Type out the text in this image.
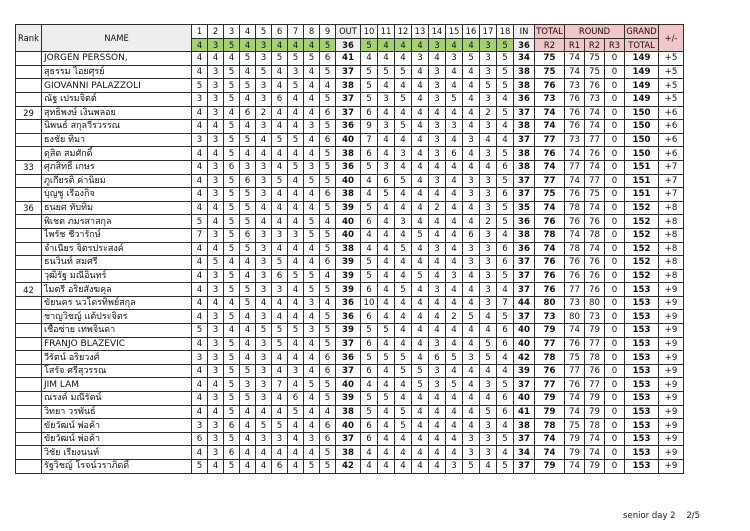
Rank	NAME	1	2	3	4	5	6	7	8	9	OUT	10	11	12	13	14	15	16	17	18	IN	TOTAL	ROUND			GRAND	+/-
		4	3	5	4	3	4	4	4	5	36	5	4	4	4	3	4	4	3	5	36	R2	R1	R2	R3	TOTAL	
	JORGEN PERSSON,	4	4	4	5	3	5	5	5	6	41	4	4	4	3	4	3	5	3	5	34	75	74	75	0	149	+5
	สุธรรม ไอยศุรย์	4	3	5	4	5	4	3	4	5	37	5	5	5	4	3	4	4	3	5	38	75	74	75	0	149	+5
	GIOVANNI PALAZZOLI	5	3	5	5	3	4	5	4	4	38	5	4	4	4	3	4	4	5	5	38	76	73	76	0	149	+5
	ณัฐ เปรมจิตต์	3	3	5	4	3	6	4	4	5	37	5	3	5	4	3	5	4	3	4	36	73	76	73	0	149	+5
29	สุทธิพงษ์ เงินพลอย	4	3	4	6	2	4	4	4	6	37	6	4	4	4	4	4	4	2	5	37	74	76	74	0	150	+6
	นิพนธ์ สกุลวีรวรรณ	4	4	5	4	3	4	4	3	5	36	9	3	5	4	3	3	4	3	4	38	74	76	74	0	150	+6
	ธงชัย ทิมา	3	3	5	5	4	5	5	4	6	40	7	4	4	4	3	4	3	4	4	37	77	73	77	0	150	+6
	ดุสิต สมศักดิ์	4	4	5	4	4	4	4	4	5	38	6	4	3	4	3	6	4	3	5	38	76	74	76	0	150	+6
33	ศุภสิทธิ์ เกษร	4	3	6	3	3	4	5	3	5	36	5	3	4	4	4	4	4	4	6	38	74	77	74	0	151	+7
	ภูเกียรติ ค่านิยม	4	3	5	6	3	5	4	5	5	40	4	6	5	4	3	4	3	3	5	37	77	74	77	0	151	+7
	บุญชู เรืองกิจ	4	3	5	5	3	4	4	4	6	38	4	5	4	4	4	4	3	3	6	37	75	76	75	0	151	+7
36	ธนยศ ทับทิม	4	4	5	5	4	4	4	4	5	39	5	4	4	4	2	4	4	3	5	35	74	78	74	0	152	+8
	พิเชต ภมรสาสกุล	5	4	5	5	4	4	4	5	4	40	6	4	3	4	4	4	4	2	5	36	76	76	76	0	152	+8
	ไพรัช ชีวารักษ์	7	3	5	6	3	3	3	5	5	40	4	4	4	5	4	4	6	3	4	38	78	74	78	0	152	+8
	จำเนียร จิตรประสงค์	4	4	5	5	3	4	4	4	5	38	4	4	5	4	3	4	3	3	6	36	74	78	74	0	152	+8
	ธนวินท์ สมศรี	4	5	4	4	3	5	4	4	6	39	5	4	4	4	4	4	3	3	6	37	76	76	76	0	152	+8
	วุฒิรัฐ มณีอินทร์	4	3	5	4	3	6	5	5	4	39	5	4	4	5	4	3	4	3	5	37	76	76	76	0	152	+8
42	ไมตรี อริยสังฆคุล	4	3	5	5	3	3	4	5	5	39	6	4	5	4	3	4	4	3	4	37	76	77	76	0	153	+9
	ขัยนคร นวโดรทิพย์สกุล	4	4	4	5	4	4	4	3	4	36	10	4	4	4	4	4	4	3	7	44	80	73	80	0	153	+9
	ชาญวิชญ์ แต้ประจิตร	4	3	5	4	3	4	4	4	5	36	6	4	4	4	4	2	5	4	5	37	73	80	73	0	153	+9
	เชื้อซ่าย เทพจินดา	5	3	4	4	5	5	5	3	5	39	5	5	4	4	4	4	4	4	6	40	79	74	79	0	153	+9
	FRANJO BLAZEVIC	4	3	5	4	3	5	4	4	5	37	6	4	4	4	3	4	4	5	6	40	77	76	77	0	153	+9
	วีรัตน์ อริยวงศ์	3	3	5	4	3	4	4	4	6	36	5	5	5	4	6	5	3	5	4	42	78	75	78	0	153	+9
	โสรัจ ศรีสุวรรณ	4	3	5	5	3	4	3	4	6	37	6	4	5	5	3	4	4	4	4	39	76	77	76	0	153	+9
	JIM LAM	4	4	5	3	3	7	4	5	5	40	4	4	4	5	3	5	4	3	5	37	77	76	77	0	153	+9
	ณรงค์ มณีรัตน์	4	3	5	5	3	4	6	4	5	39	5	5	4	4	4	4	4	4	6	40	79	74	79	0	153	+9
	วิทยา วรพันธ์	4	4	5	4	4	4	5	4	4	38	5	4	5	4	4	4	4	5	6	41	79	74	79	0	153	+9
	ขัยวัฒน์ พ่อค้า	3	3	6	4	5	5	4	4	6	40	6	4	5	4	4	4	4	3	4	38	78	75	78	0	153	+9
	ขัยวัฒน์ พ่อค้า	6	3	5	4	3	3	4	3	6	37	6	4	4	4	4	4	3	3	5	37	74	79	74	0	153	+9
	วิชัย เรียงนนท์	4	3	6	4	4	4	4	4	5	38	4	4	4	4	4	4	3	3	4	34	74	79	74	0	153	+9
	รัฐวิชญ์ โรจน์วราภิดดิ์	5	4	5	4	4	6	4	5	5	42	4	4	4	4	4	3	5	4	5	37	79	74	79	0	153	+9
senior day 2 2/5
